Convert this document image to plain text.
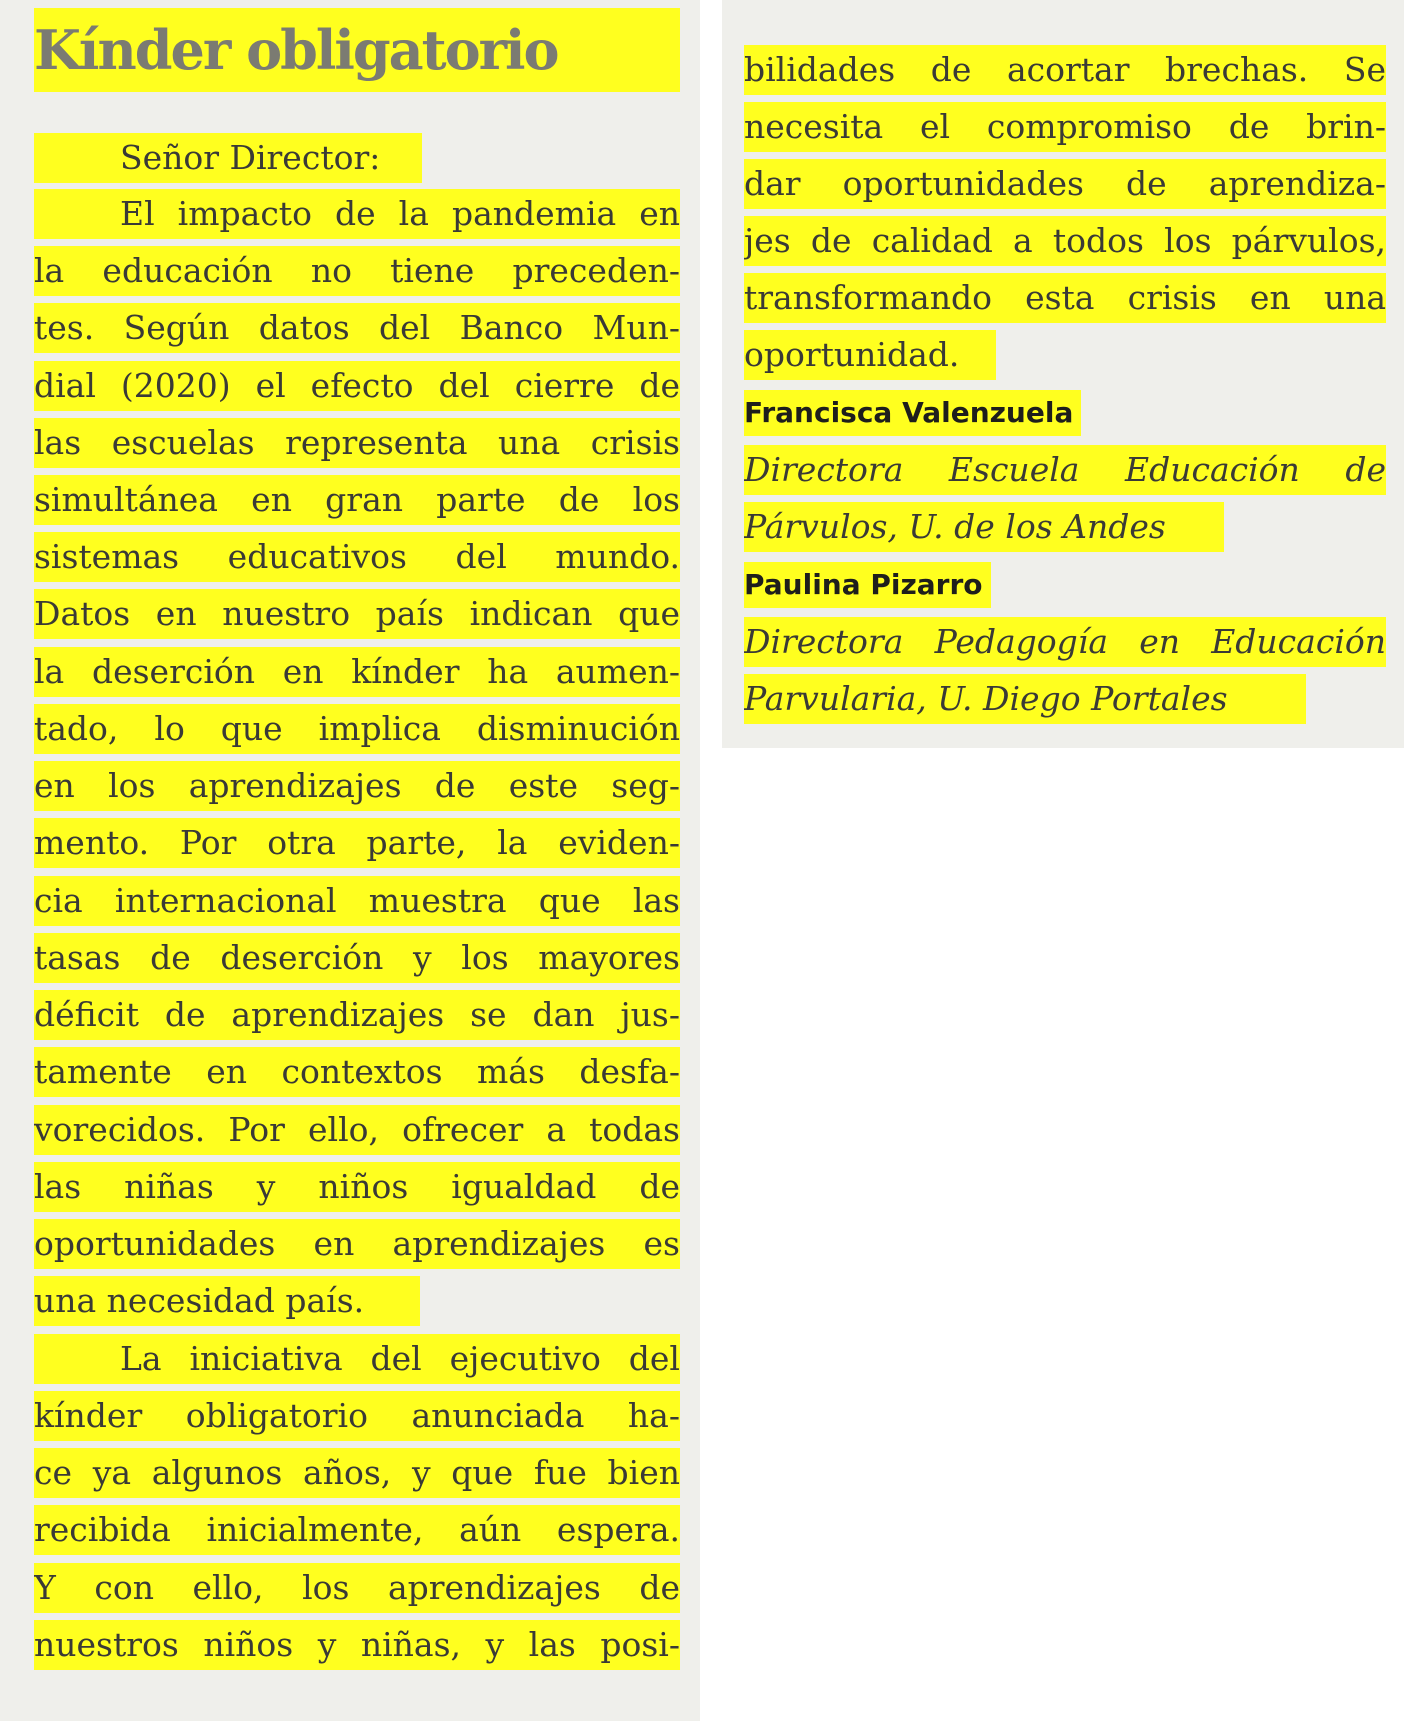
Kínder obligatorio
Señor Director:
El impacto de la pandemia en
la educación no tiene preceden-
tes. Según datos del Banco Mun-
dial (2020) el efecto del cierre de
las escuelas representa una crisis
simultánea en gran parte de los
sistemas educativos del mundo.
Datos en nuestro país indican que
la deserción en kínder ha aumen-
tado, lo que implica disminución
en los aprendizajes de este seg-
mento. Por otra parte, la eviden-
cia internacional muestra que las
tasas de deserción y los mayores
déficit de aprendizajes se dan jus-
tamente en contextos más desfa-
vorecidos. Por ello, ofrecer a todas
las niñas y niños igualdad de
oportunidades en aprendizajes es
una necesidad país.
La iniciativa del ejecutivo del
kínder obligatorio anunciada ha-
ce ya algunos años, y que fue bien
recibida inicialmente, aún espera.
Y con ello, los aprendizajes de
nuestros niños y niñas, y las posi-
bilidades de acortar brechas. Se
necesita el compromiso de brin-
dar oportunidades de aprendiza-
jes de calidad a todos los párvulos,
transformando esta crisis en una
oportunidad.
Francisca Valenzuela
Directora Escuela Educación de
Párvulos, U. de los Andes
Paulina Pizarro
Directora Pedagogía en Educación
Parvularia, U. Diego Portales
